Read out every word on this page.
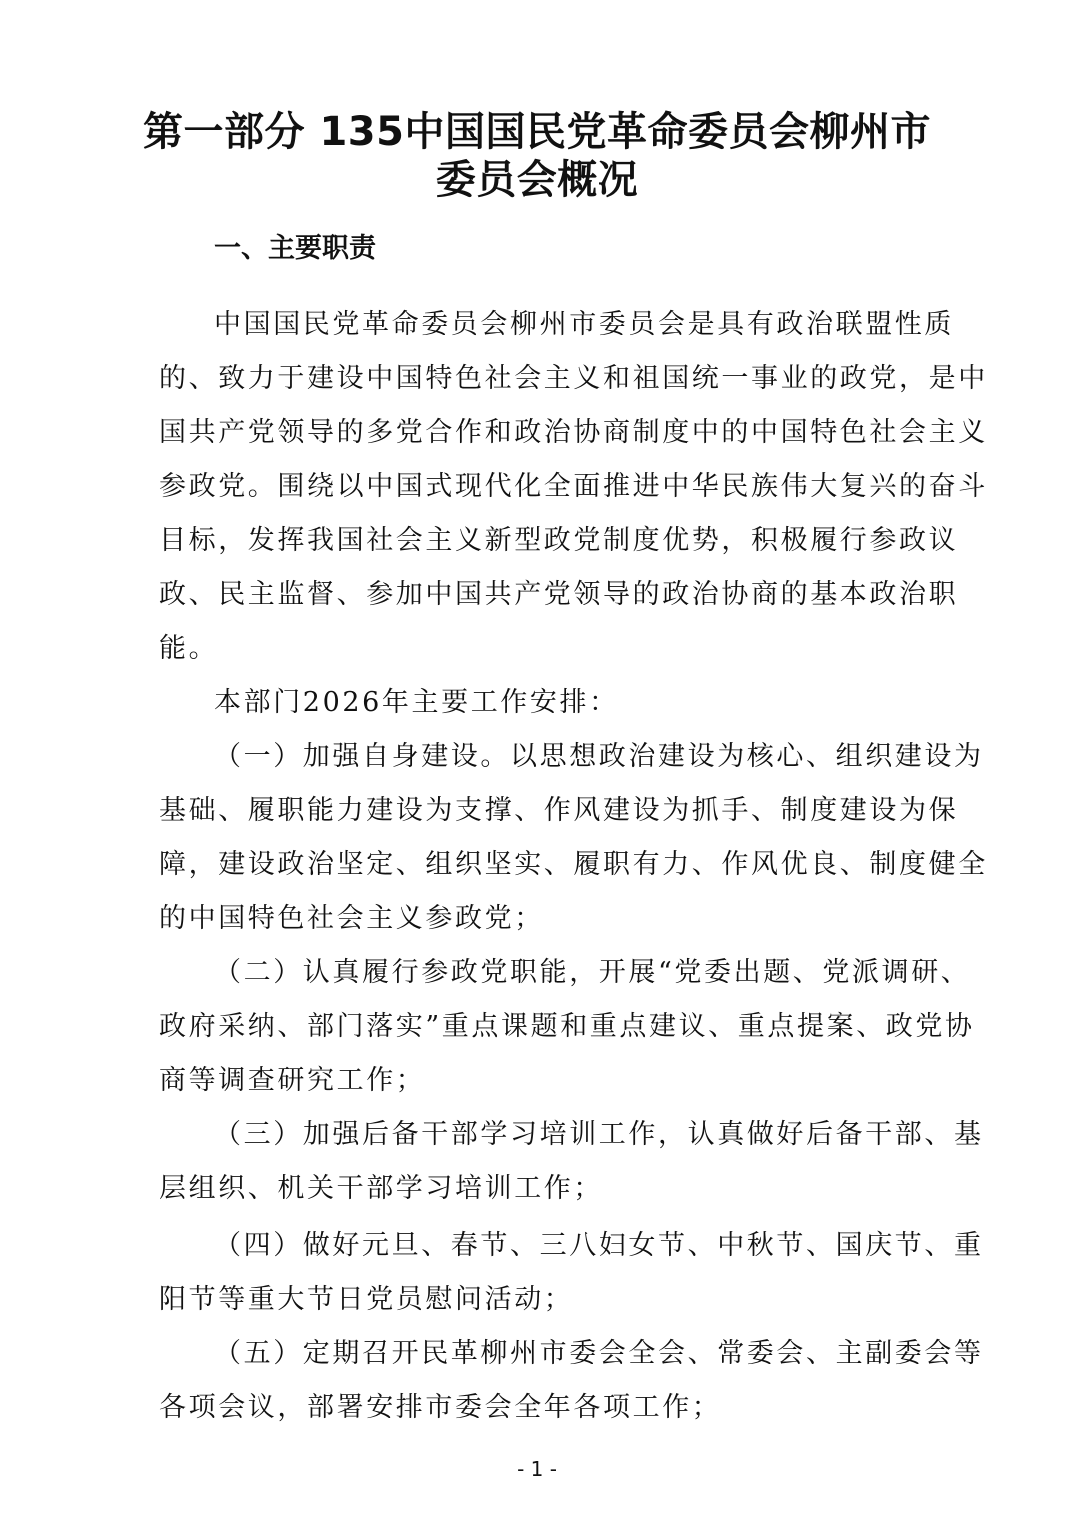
第一部分 135中国国民党革命委员会柳州市
委员会概况
一、主要职责

中国国民党革命委员会柳州市委员会是具有政治联盟性质
的、致力于建设中国特色社会主义和祖国统一事业的政党，是中
国共产党领导的多党合作和政治协商制度中的中国特色社会主义
参政党。围绕以中国式现代化全面推进中华民族伟大复兴的奋斗
目标，发挥我国社会主义新型政党制度优势，积极履行参政议
政、民主监督、参加中国共产党领导的政治协商的基本政治职
能。

本部门2026年主要工作安排：

（一）加强自身建设。以思想政治建设为核心、组织建设为
基础、履职能力建设为支撑、作风建设为抓手、制度建设为保
障，建设政治坚定、组织坚实、履职有力、作风优良、制度健全
的中国特色社会主义参政党；

（二）认真履行参政党职能，开展“党委出题、党派调研、
政府采纳、部门落实”重点课题和重点建议、重点提案、政党协
商等调查研究工作；

（三）加强后备干部学习培训工作，认真做好后备干部、基
层组织、机关干部学习培训工作；

（四）做好元旦、春节、三八妇女节、中秋节、国庆节、重
阳节等重大节日党员慰问活动；

（五）定期召开民革柳州市委会全会、常委会、主副委会等
各项会议，部署安排市委会全年各项工作；

- 1 -
